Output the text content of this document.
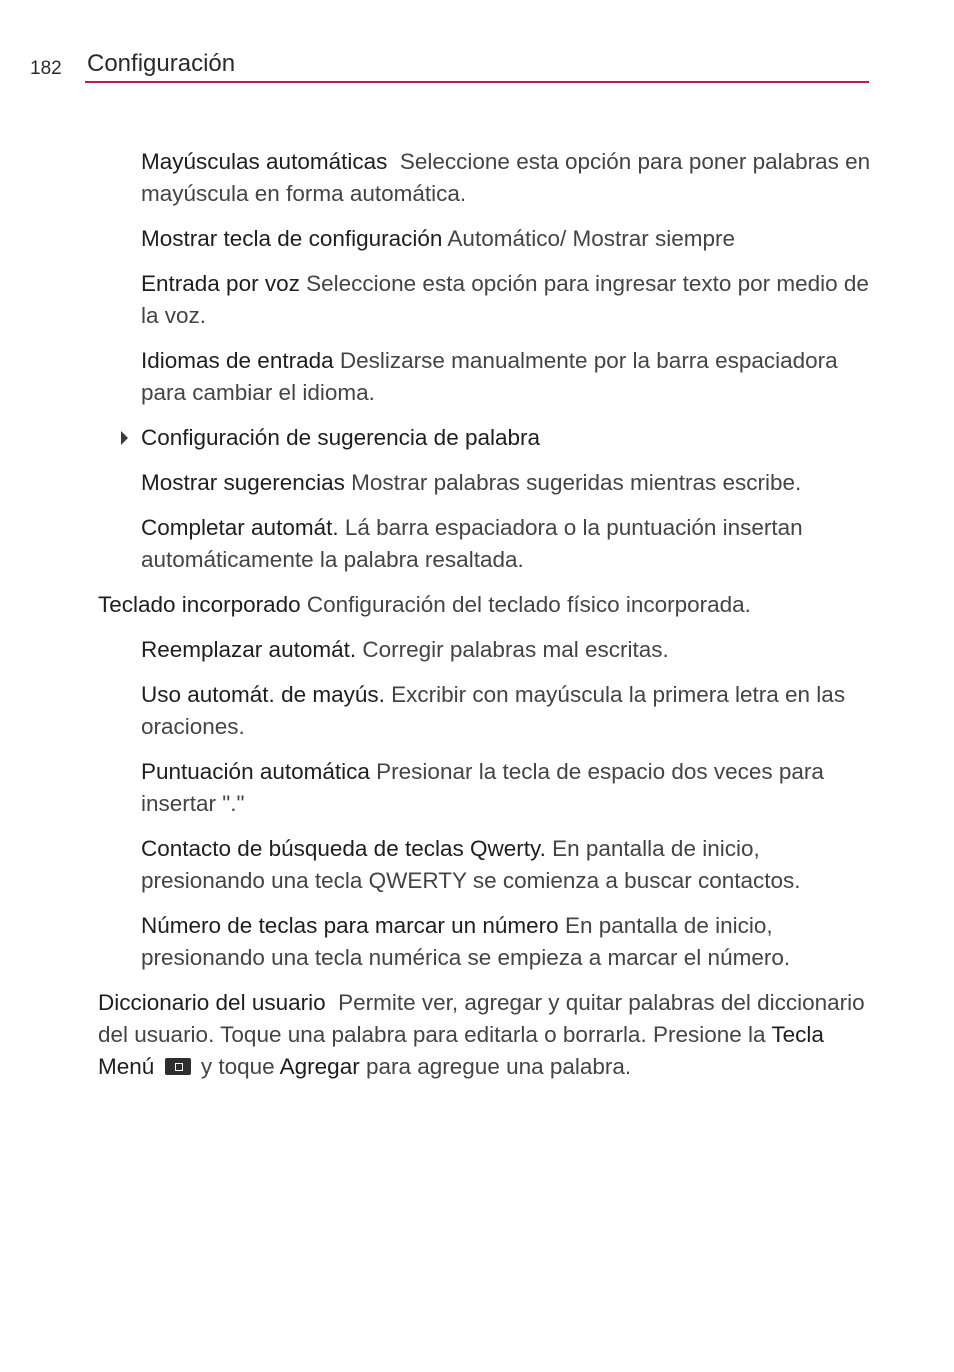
182 Configuración

Mayúsculas automáticas Seleccione esta opción para poner palabras en mayúscula en forma automática.

Mostrar tecla de configuración Automático/ Mostrar siempre

Entrada por voz Seleccione esta opción para ingresar texto por medio de la voz.

Idiomas de entrada Deslizarse manualmente por la barra espaciadora para cambiar el idioma.

Configuración de sugerencia de palabra

Mostrar sugerencias Mostrar palabras sugeridas mientras escribe.

Completar automát. Lá barra espaciadora o la puntuación insertan automáticamente la palabra resaltada.

Teclado incorporado Configuración del teclado físico incorporada.

Reemplazar automát. Corregir palabras mal escritas.

Uso automát. de mayús. Excribir con mayúscula la primera letra en las oraciones.

Puntuación automática Presionar la tecla de espacio dos veces para insertar "."

Contacto de búsqueda de teclas Qwerty. En pantalla de inicio, presionando una tecla QWERTY se comienza a buscar contactos.

Número de teclas para marcar un número En pantalla de inicio, presionando una tecla numérica se empieza a marcar el número.

Diccionario del usuario Permite ver, agregar y quitar palabras del diccionario del usuario. Toque una palabra para editarla o borrarla. Presione la Tecla Menú y toque Agregar para agregue una palabra.
